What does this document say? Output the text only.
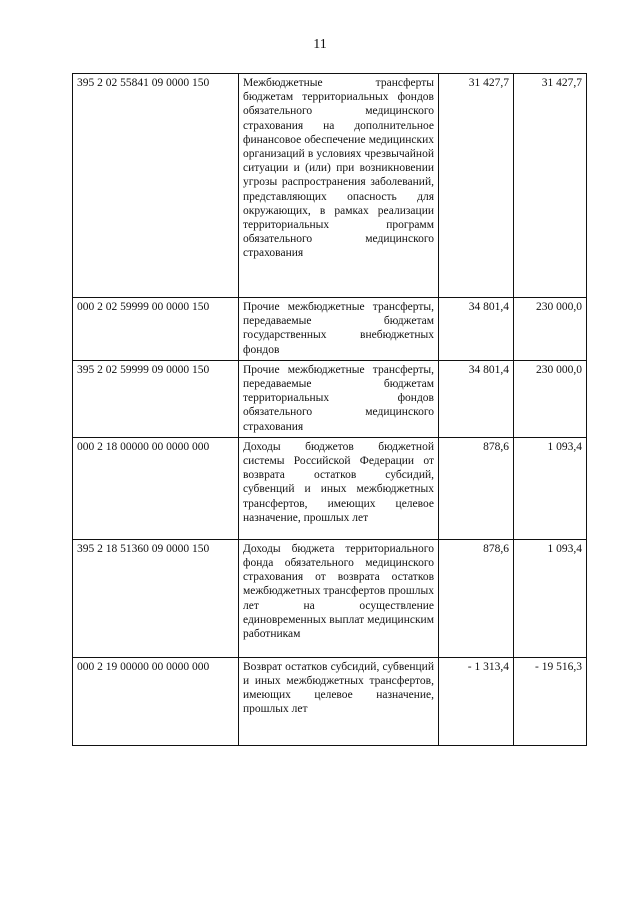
11
395 2 02 55841 09 0000 150	Межбюджетные трансферты бюджетам территориальных фондов обязательного медицинского страхования на дополнительное финансовое обеспечение медицинских организаций в условиях чрезвычайной ситуации и (или) при возникновении угрозы распространения заболеваний, представляющих опасность для окружающих, в рамках реализации территориальных программ обязательного медицинского страхования	31 427,7	31 427,7
000 2 02 59999 00 0000 150	Прочие межбюджетные трансферты, передаваемые бюджетам государственных внебюджетных фондов	34 801,4	230 000,0
395 2 02 59999 09 0000 150	Прочие межбюджетные трансферты, передаваемые бюджетам территориальных фондов обязательного медицинского страхования	34 801,4	230 000,0
000 2 18 00000 00 0000 000	Доходы бюджетов бюджетной системы Российской Федерации от возврата остатков субсидий, субвенций и иных межбюджетных трансфертов, имеющих целевое назначение, прошлых лет	878,6	1 093,4
395 2 18 51360 09 0000 150	Доходы бюджета территориального фонда обязательного медицинского страхования от возврата остатков межбюджетных трансфертов прошлых лет на осуществление единовременных выплат медицинским работникам	878,6	1 093,4
000 2 19 00000 00 0000 000	Возврат остатков субсидий, субвенций и иных межбюджетных трансфертов, имеющих целевое назначение, прошлых лет	- 1 313,4	- 19 516,3
